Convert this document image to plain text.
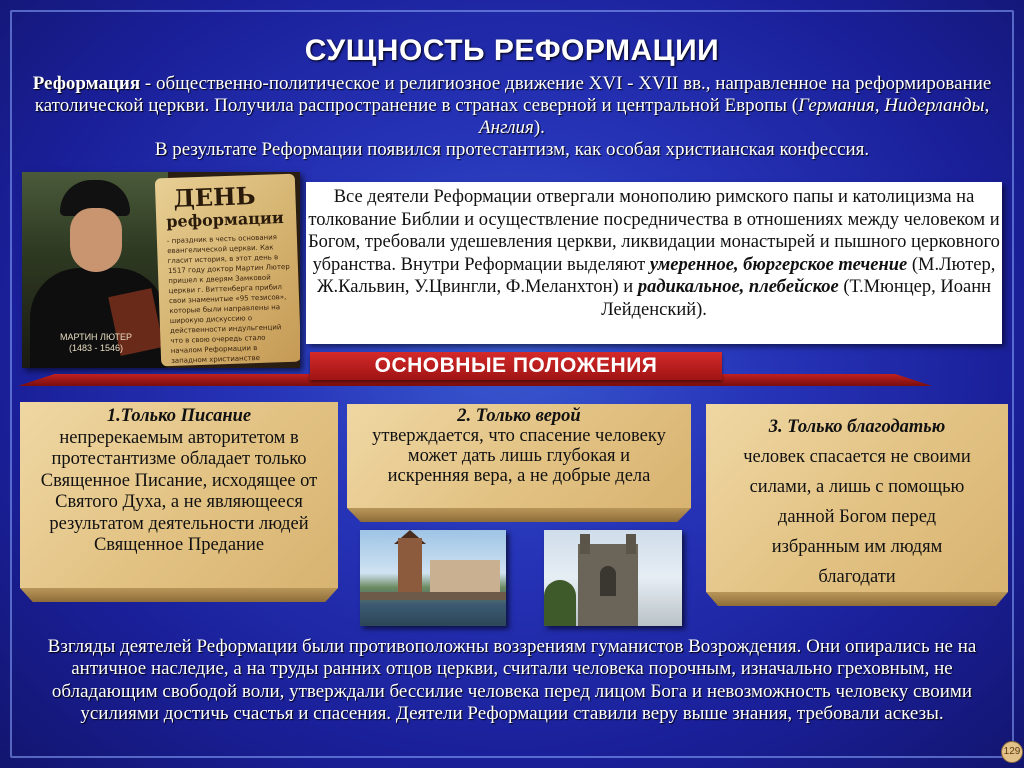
СУЩНОСТЬ РЕФОРМАЦИИ
Реформация - общественно-политическое и религиозное движение XVI - XVII вв., направленное на реформирование католической церкви. Получила распространение в странах северной и центральной Европы (Германия, Нидерланды, Англия).
В результате Реформации появился протестантизм, как особая христианская конфессия.
МАРТИН ЛЮТЕР
(1483 - 1546)
ДЕНЬ
реформации
- праздник в честь основания евангелической церкви. Как гласит история, в этот день в 1517 году доктор Мартин Лютер пришел к дверям Замковой церкви г. Виттенберга прибил свои знаменитые «95 тезисов», которые были направлены на широкую дискуссию о действенности индульгенций что в свою очередь стало началом Реформации в западном христианстве
Все деятели Реформации отвергали монополию римского папы и католицизма на толкование Библии и осуществление посредничества в отношениях между человеком и Богом, требовали удешевления церкви, ликвидации монастырей и пышного церковного убранства. Внутри Реформации выделяют умеренное, бюргерское течение (М.Лютер, Ж.Кальвин, У.Цвингли, Ф.Меланхтон) и радикальное, плебейское (Т.Мюнцер, Иоанн Лейденский).
ОСНОВНЫЕ ПОЛОЖЕНИЯ
1.Только Писание
непререкаемым авторитетом в протестантизме обладает только Священное Писание, исходящее от Святого Духа, а не являющееся результатом деятельности людей Священное Предание
2. Только верой
утверждается, что спасение человеку может дать лишь глубокая и искренняя вера, а не добрые дела
3. Только благодатью
человек спасается не своими силами, а лишь с помощью данной Богом перед избранным им людям благодати
Взгляды деятелей Реформации были противоположны воззрениям гуманистов Возрождения. Они опирались не на античное наследие, а на труды ранних отцов церкви, считали человека порочным, изначально греховным, не обладающим свободой воли, утверждали бессилие человека перед лицом Бога и невозможность человеку своими усилиями достичь счастья и спасения. Деятели Реформации ставили веру выше знания, требовали аскезы.
129
